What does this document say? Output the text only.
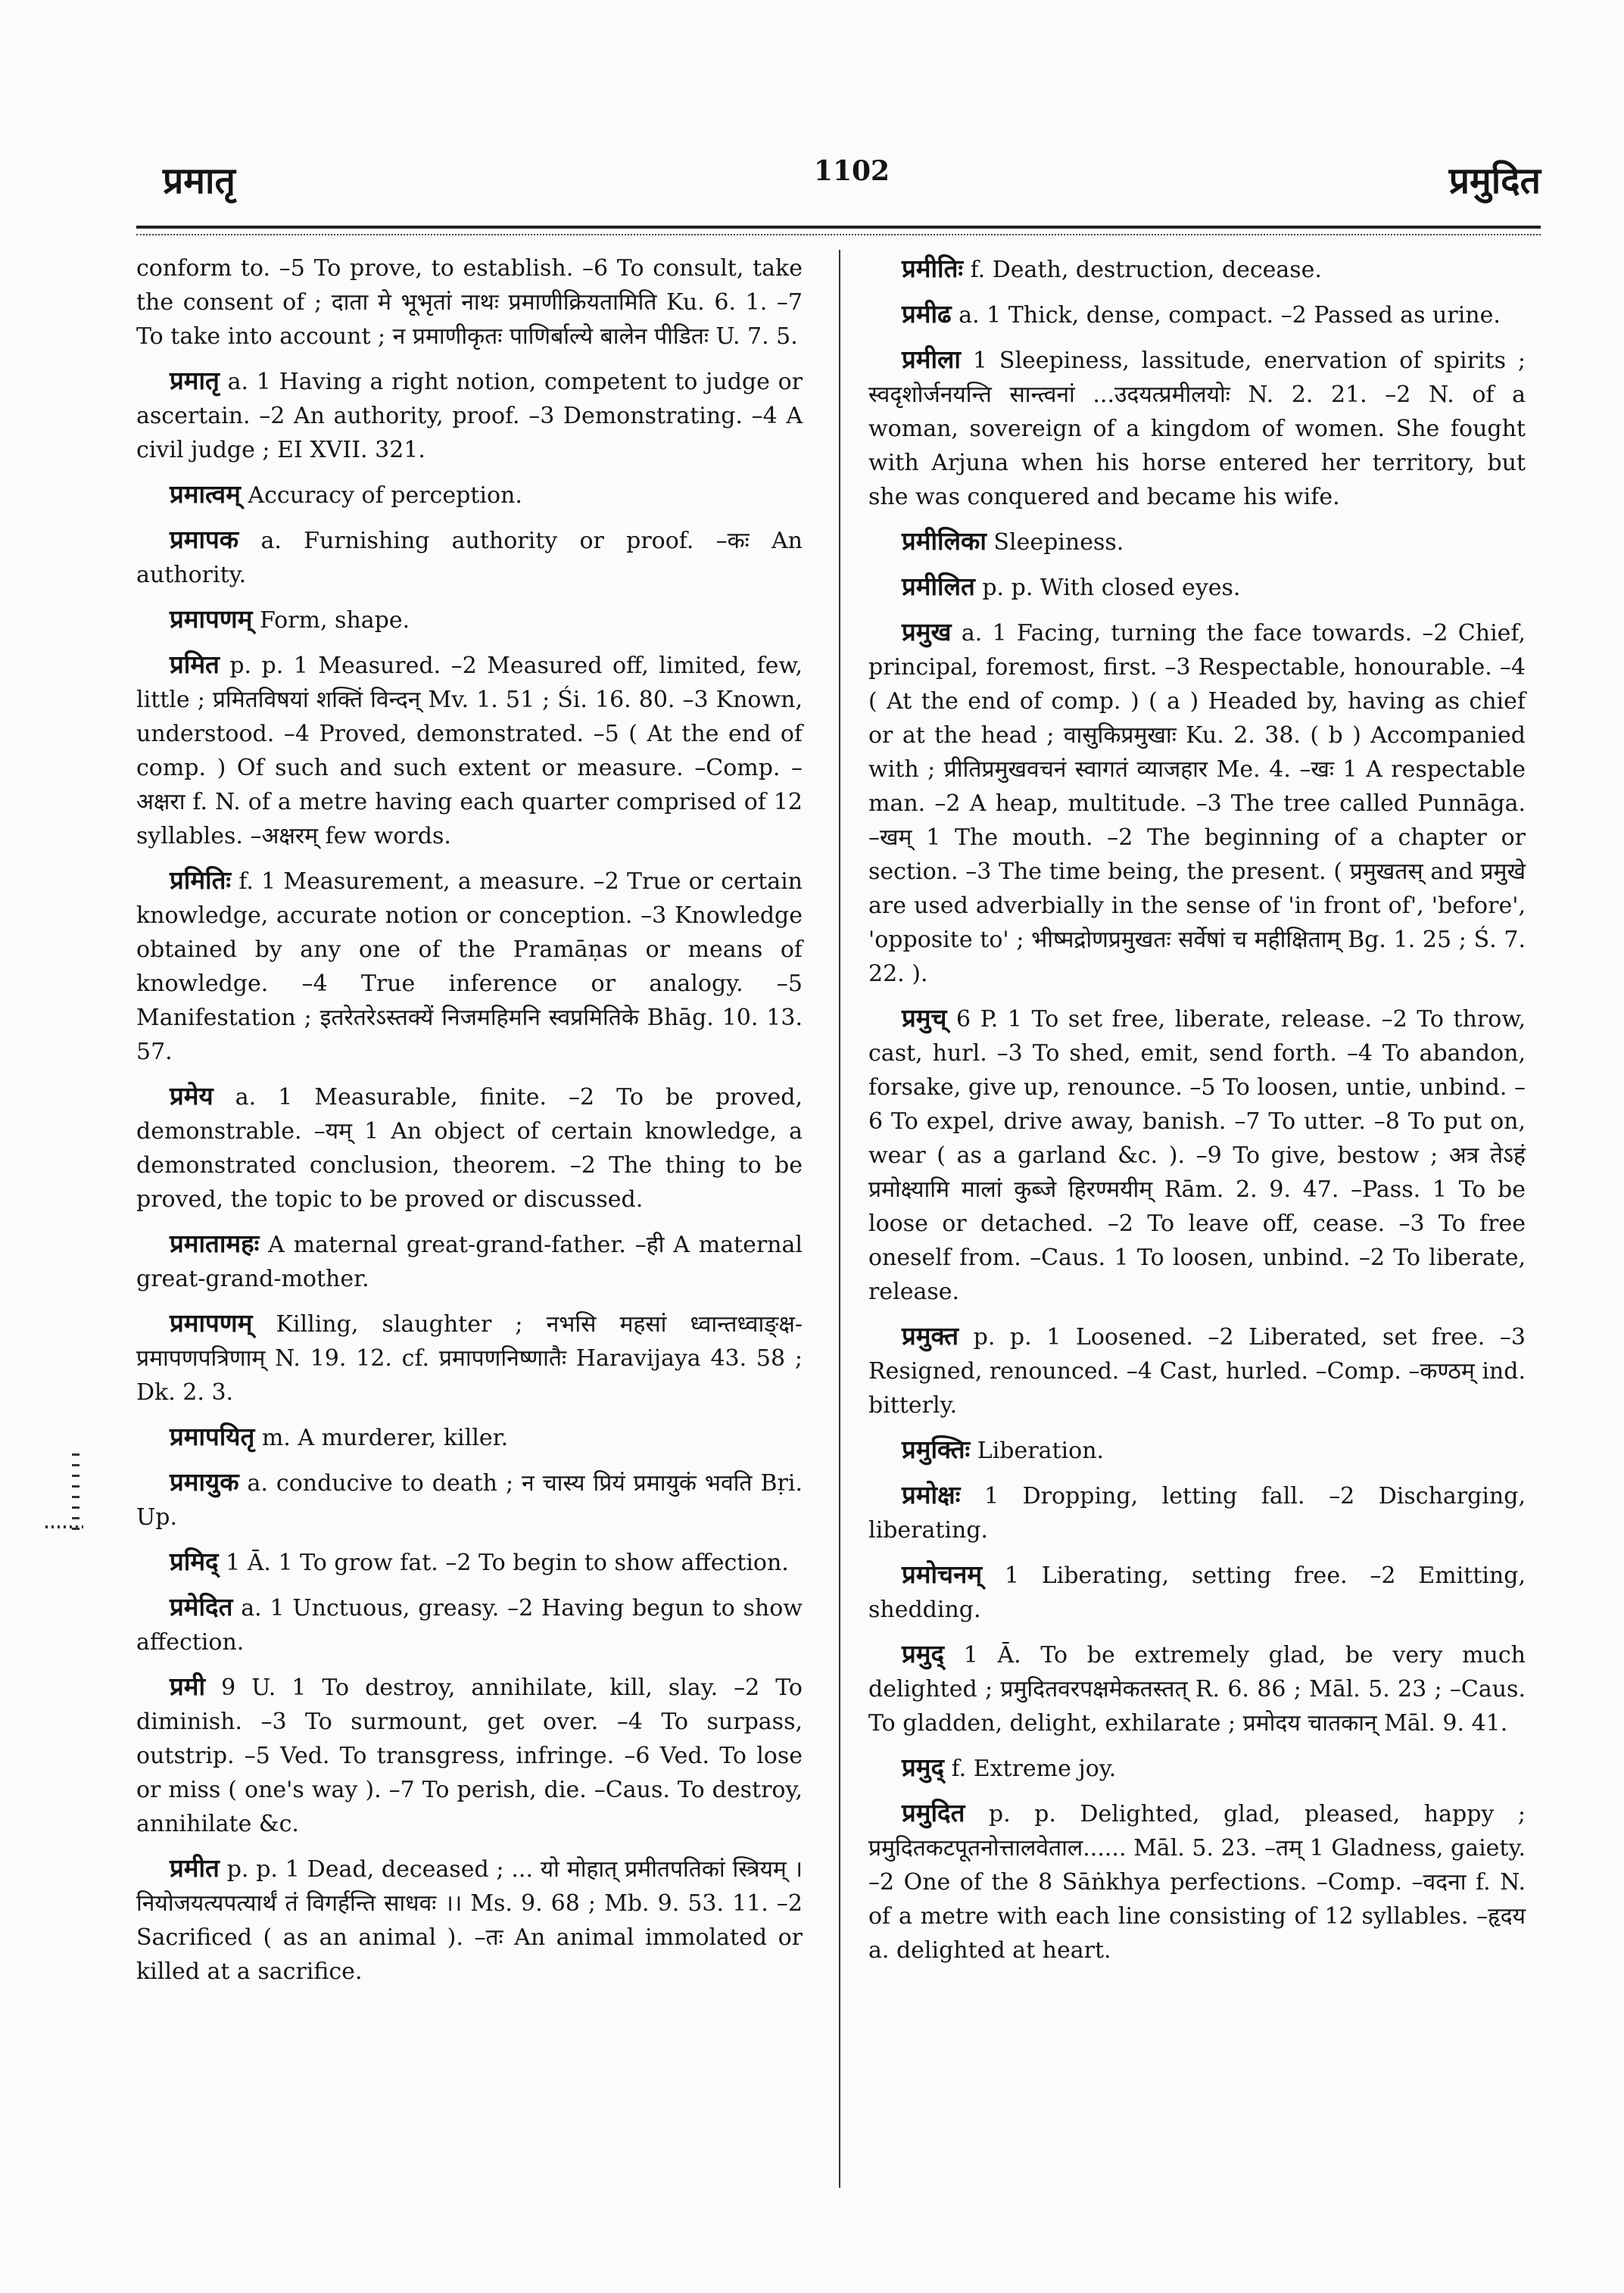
प्रमातृ	1102	प्रमुदित
conform to. –5 To prove, to establish. –6 To consult, take the consent of ; दाता मे भूभृतां नाथः प्रमाणीक्रियतामिति Ku. 6. 1. –7 To take into account ; न प्रमाणीकृतः पाणिर्बाल्ये बालेन पीडितः U. 7. 5.
प्रमातृ a. 1 Having a right notion, competent to judge or ascertain. –2 An authority, proof. –3 Demonstrating. –4 A civil judge ; EI XVII. 321.
प्रमात्वम् Accuracy of perception.
प्रमापक a. Furnishing authority or proof. –कः An authority.
प्रमापणम् Form, shape.
प्रमित p. p. 1 Measured. –2 Measured off, limited, few, little ; प्रमितविषयां शक्तिं विन्दन् Mv. 1. 51 ; Śi. 16. 80. –3 Known, understood. –4 Proved, demonstrated. –5 ( At the end of comp. ) Of such and such extent or measure. –Comp. –अक्षरा f. N. of a metre having each quarter comprised of 12 syllables. –अक्षरम् few words.
प्रमितिः f. 1 Measurement, a measure. –2 True or certain knowledge, accurate notion or conception. –3 Knowledge obtained by any one of the Pramāṇas or means of knowledge. –4 True inference or analogy. –5 Manifestation ; इतरेतरेऽस्तक्यें निजमहिमनि स्वप्रमितिके Bhāg. 10. 13. 57.
प्रमेय a. 1 Measurable, finite. –2 To be proved, demonstrable. –यम् 1 An object of certain knowledge, a demonstrated conclusion, theorem. –2 The thing to be proved, the topic to be proved or discussed.
प्रमातामहः A maternal great-grand-father. –ही A maternal great-grand-mother.
प्रमापणम् Killing, slaughter ; नभसि महसां ध्वान्तध्वाङ्क्ष-प्रमापणपत्रिणाम् N. 19. 12. cf. प्रमापणनिष्णातैः Haravijaya 43. 58 ; Dk. 2. 3.
प्रमापयितृ m. A murderer, killer.
प्रमायुक a. conducive to death ; न चास्य प्रियं प्रमायुकं भवति Bṛi. Up.
प्रमिद् 1 Ā. 1 To grow fat. –2 To begin to show affection.
प्रमेदित a. 1 Unctuous, greasy. –2 Having begun to show affection.
प्रमी 9 U. 1 To destroy, annihilate, kill, slay. –2 To diminish. –3 To surmount, get over. –4 To surpass, outstrip. –5 Ved. To transgress, infringe. –6 Ved. To lose or miss ( one's way ). –7 To perish, die. –Caus. To destroy, annihilate &c.
प्रमीत p. p. 1 Dead, deceased ; ... यो मोहात् प्रमीतपतिकां स्त्रियम् । नियोजयत्यपत्यार्थं तं विगर्हन्ति साधवः ।। Ms. 9. 68 ; Mb. 9. 53. 11. –2 Sacrificed ( as an animal ). –तः An animal immolated or killed at a sacrifice.
प्रमीतिः f. Death, destruction, decease.
प्रमीढ a. 1 Thick, dense, compact. –2 Passed as urine.
प्रमीला 1 Sleepiness, lassitude, enervation of spirits ; स्वदृशोर्जनयन्ति सान्त्वनां ...उदयत्प्रमीलयोः N. 2. 21. –2 N. of a woman, sovereign of a kingdom of women. She fought with Arjuna when his horse entered her territory, but she was conquered and became his wife.
प्रमीलिका Sleepiness.
प्रमीलित p. p. With closed eyes.
प्रमुख a. 1 Facing, turning the face towards. –2 Chief, principal, foremost, first. –3 Respectable, honourable. –4 ( At the end of comp. ) ( a ) Headed by, having as chief or at the head ; वासुकिप्रमुखाः Ku. 2. 38. ( b ) Accompanied with ; प्रीतिप्रमुखवचनं स्वागतं व्याजहार Me. 4. –खः 1 A respectable man. –2 A heap, multitude. –3 The tree called Punnāga. –खम् 1 The mouth. –2 The beginning of a chapter or section. –3 The time being, the present. ( प्रमुखतस् and प्रमुखे are used adverbially in the sense of 'in front of', 'before', 'opposite to' ; भीष्मद्रोणप्रमुखतः सर्वेषां च महीक्षिताम् Bg. 1. 25 ; Ś. 7. 22. ).
प्रमुच् 6 P. 1 To set free, liberate, release. –2 To throw, cast, hurl. –3 To shed, emit, send forth. –4 To abandon, forsake, give up, renounce. –5 To loosen, untie, unbind. –6 To expel, drive away, banish. –7 To utter. –8 To put on, wear ( as a garland &c. ). –9 To give, bestow ; अत्र तेऽहं प्रमोक्ष्यामि मालां कुब्जे हिरण्मयीम् Rām. 2. 9. 47. –Pass. 1 To be loose or detached. –2 To leave off, cease. –3 To free oneself from. –Caus. 1 To loosen, unbind. –2 To liberate, release.
प्रमुक्त p. p. 1 Loosened. –2 Liberated, set free. –3 Resigned, renounced. –4 Cast, hurled. –Comp. –कण्ठम् ind. bitterly.
प्रमुक्तिः Liberation.
प्रमोक्षः 1 Dropping, letting fall. –2 Discharging, liberating.
प्रमोचनम् 1 Liberating, setting free. –2 Emitting, shedding.
प्रमुद् 1 Ā. To be extremely glad, be very much delighted ; प्रमुदितवरपक्षमेकतस्तत् R. 6. 86 ; Māl. 5. 23 ; –Caus. To gladden, delight, exhilarate ; प्रमोदय चातकान् Māl. 9. 41.
प्रमुद् f. Extreme joy.
प्रमुदित p. p. Delighted, glad, pleased, happy ; प्रमुदितकटपूतनोत्तालवेताल...... Māl. 5. 23. –तम् 1 Gladness, gaiety. –2 One of the 8 Sāṅkhya perfections. –Comp. –वदना f. N. of a metre with each line consisting of 12 syllables. –हृदय a. delighted at heart.
